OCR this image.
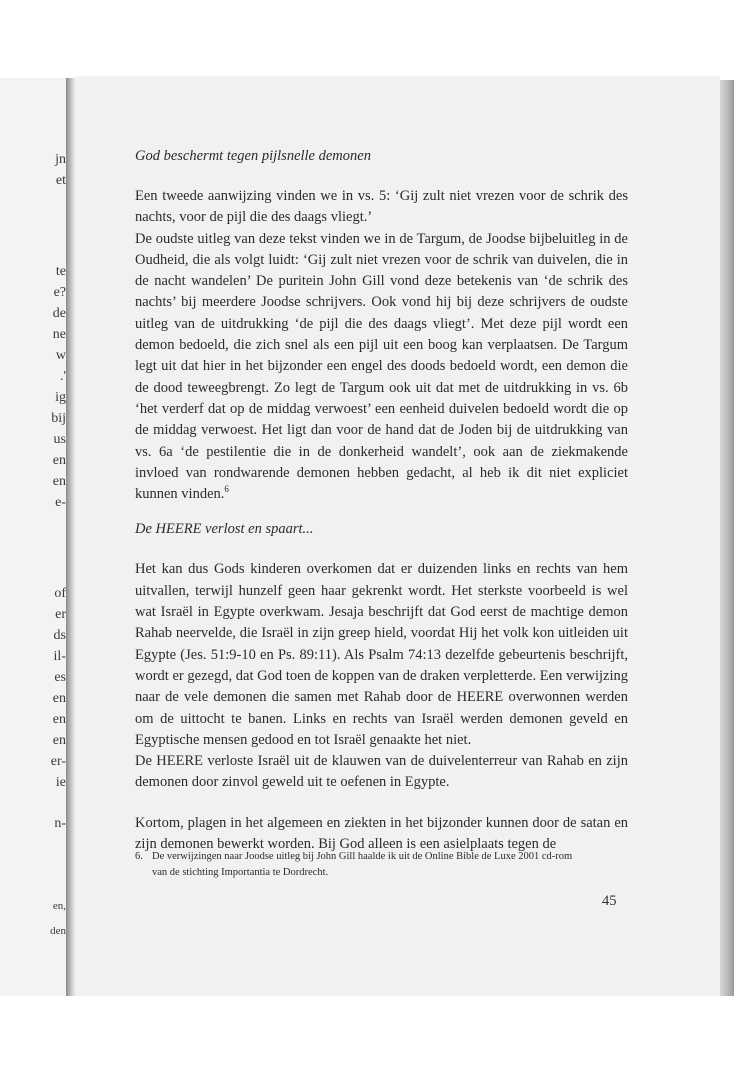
jn
et
te
e?
de
ne
w
.'
ig
bij
us
en
en
e-
of
er
ds
il-
es
en
en
en
er-
ie
n-
en,
den

God beschermt tegen pijlsnelle demonen

Een tweede aanwijzing vinden we in vs. 5: ‘Gij zult niet vrezen voor de schrik des nachts, voor de pijl die des daags vliegt.’

De oudste uitleg van deze tekst vinden we in de Targum, de Joodse bijbeluitleg in de Oudheid, die als volgt luidt: ‘Gij zult niet vrezen voor de schrik van duivelen, die in de nacht wandelen’ De puritein John Gill vond deze betekenis van ‘de schrik des nachts’ bij meerdere Joodse schrijvers. Ook vond hij bij deze schrijvers de oudste uitleg van de uitdrukking ‘de pijl die des daags vliegt’. Met deze pijl wordt een demon bedoeld, die zich snel als een pijl uit een boog kan verplaatsen. De Targum legt uit dat hier in het bijzonder een engel des doods bedoeld wordt, een demon die de dood teweegbrengt. Zo legt de Targum ook uit dat met de uitdrukking in vs. 6b ‘het verderf dat op de middag verwoest’ een eenheid duivelen bedoeld wordt die op de middag verwoest. Het ligt dan voor de hand dat de Joden bij de uitdrukking van vs. 6a ‘de pestilentie die in de donkerheid wandelt’, ook aan de ziekmakende invloed van rondwarende demonen hebben gedacht, al heb ik dit niet expliciet kunnen vinden.$^6$

De HEERE verlost en spaart...

Het kan dus Gods kinderen overkomen dat er duizenden links en rechts van hem uitvallen, terwijl hunzelf geen haar gekrenkt wordt. Het sterkste voorbeeld is wel wat Israël in Egypte overkwam. Jesaja beschrijft dat God eerst de machtige demon Rahab neervelde, die Israël in zijn greep hield, voordat Hij het volk kon uitleiden uit Egypte (Jes. 51:9-10 en Ps. 89:11). Als Psalm 74:13 dezelfde gebeurtenis beschrijft, wordt er gezegd, dat God toen de koppen van de draken verpletterde. Een verwijzing naar de vele demonen die samen met Rahab door de HEERE overwonnen werden om de uittocht te banen. Links en rechts van Israël werden demonen geveld en Egyptische mensen gedood en tot Israël genaakte het niet.

De HEERE verloste Israël uit de klauwen van de duivelenterreur van Rahab en zijn demonen door zinvol geweld uit te oefenen in Egypte.

Kortom, plagen in het algemeen en ziekten in het bijzonder kunnen door de satan en zijn demonen bewerkt worden. Bij God alleen is een asielplaats tegen de

6. De verwijzingen naar Joodse uitleg bij John Gill haalde ik uit de Online Bible de Luxe 2001 cd-rom
van de stichting Importantia te Dordrecht.
45
